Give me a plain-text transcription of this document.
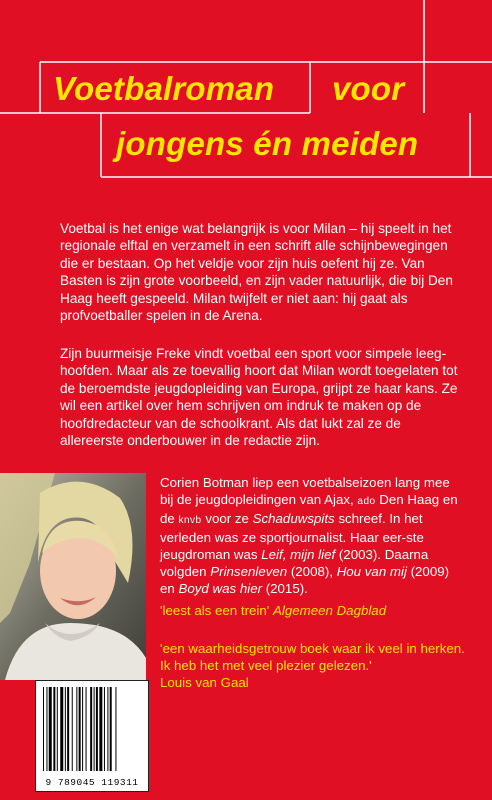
Voetbalroman voor
jongens én meiden

Voetbal is het enige wat belangrijk is voor Milan – hij speelt in het regionale elftal en verzamelt in een schrift alle schijnbewegingen die er bestaan. Op het veldje voor zijn huis oefent hij ze. Van Basten is zijn grote voorbeeld, en zijn vader natuurlijk, die bij Den Haag heeft gespeeld. Milan twijfelt er niet aan: hij gaat als profvoetballer spelen in de Arena.

Zijn buurmeisje Freke vindt voetbal een sport voor simpele leeg-hoofden. Maar als ze toevallig hoort dat Milan wordt toegelaten tot de beroemdste jeugdopleiding van Europa, grijpt ze haar kans. Ze wil een artikel over hem schrijven om indruk te maken op de hoofdredacteur van de schoolkrant. Als dat lukt zal ze de allereerste onderbouwer in de redactie zijn.

Corien Botman liep een voetbalseizoen lang mee bij de jeugdopleidingen van Ajax, ado Den Haag en de knvb voor ze Schaduwspits schreef. In het verleden was ze sportjournalist. Haar eer-ste jeugdroman was Leif, mijn lief (2003). Daarna volgden Prinsenleven (2008), Hou van mij (2009) en Boyd was hier (2015).

'leest als een trein' Algemeen Dagblad

'een waarheidsgetrouw boek waar ik veel in herken. Ik heb het met veel plezier gelezen.'
Louis van Gaal

9 789045 119311
